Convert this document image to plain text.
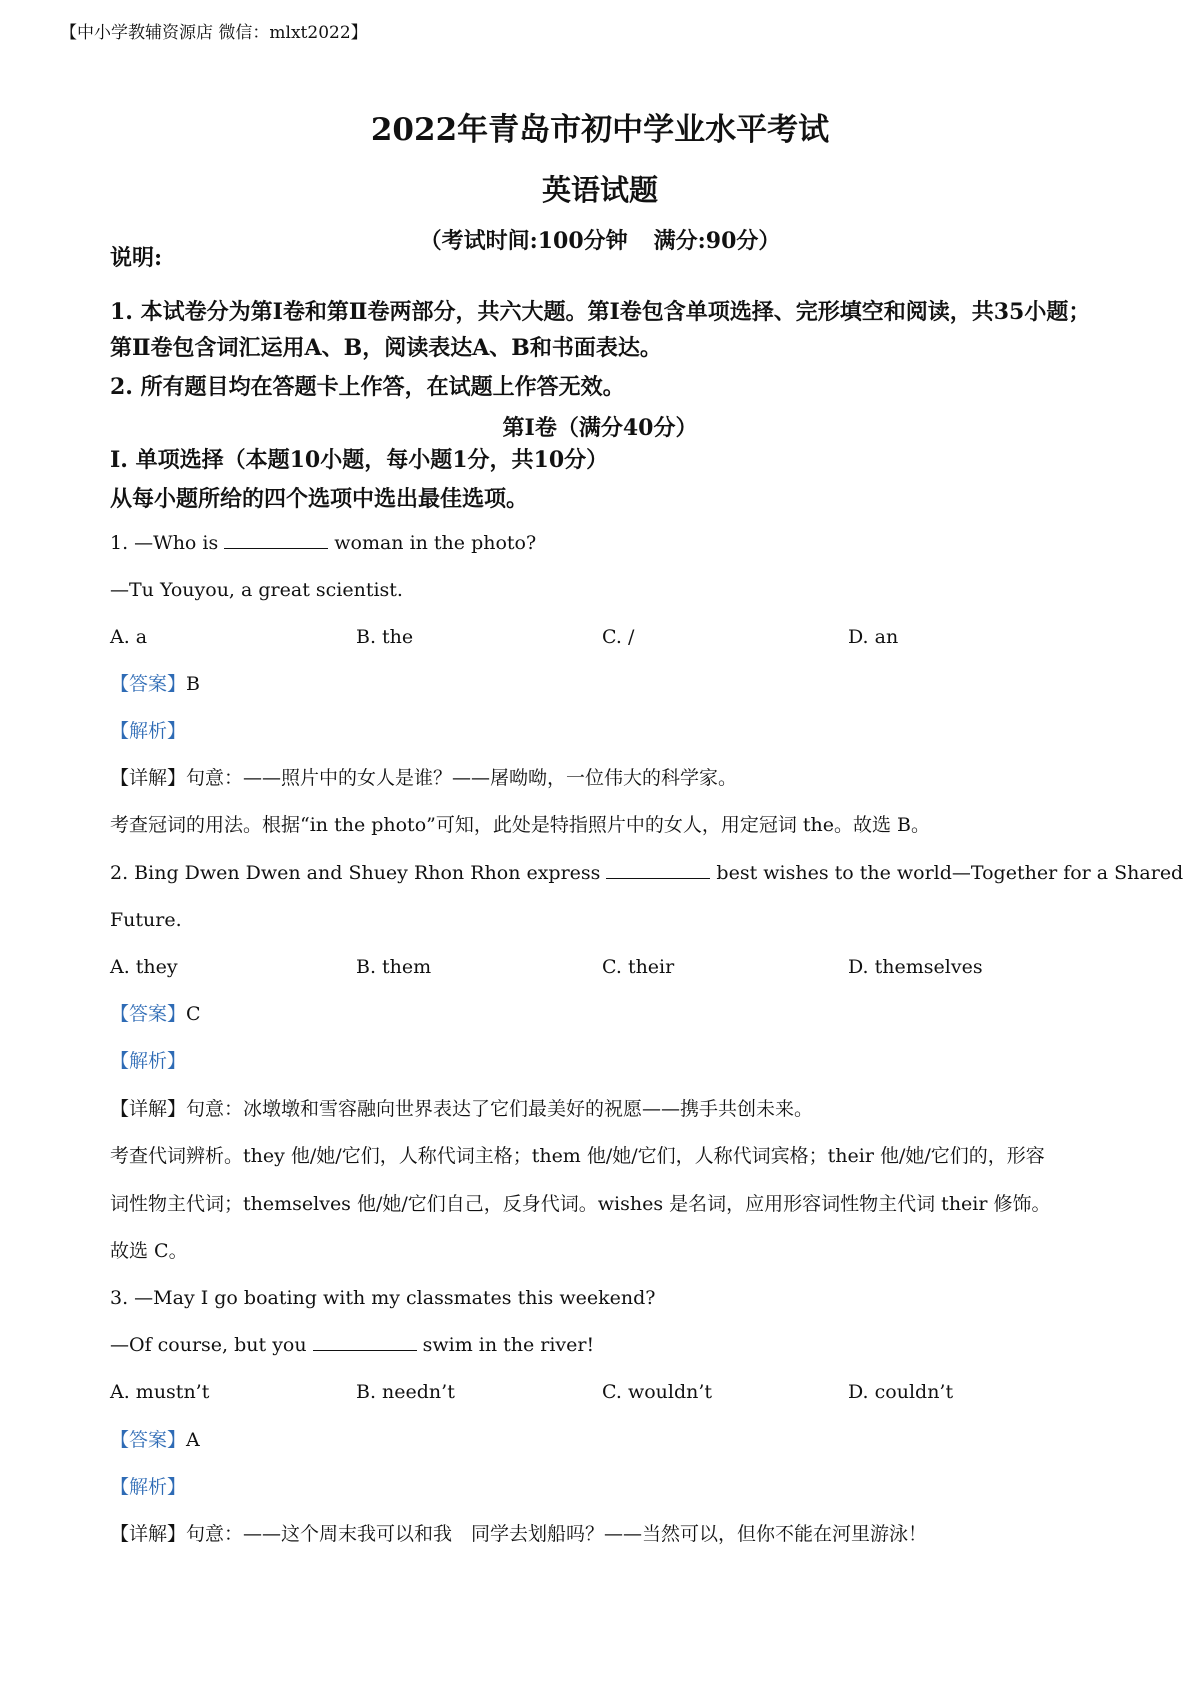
【中小学教辅资源店 微信：mlxt2022】
2022年青岛市初中学业水平考试
英语试题
（考试时间:100分钟 满分:90分）
说明:
1. 本试卷分为第Ⅰ卷和第Ⅱ卷两部分，共六大题。第Ⅰ卷包含单项选择、完形填空和阅读，共35小题；第Ⅱ卷包含词汇运用A、B，阅读表达A、B和书面表达。
2. 所有题目均在答题卡上作答，在试题上作答无效。
第Ⅰ卷（满分40分）
I. 单项选择（本题10小题，每小题1分，共10分）
从每小题所给的四个选项中选出最佳选项。
1. —Who is	woman in the photo?
—Tu Youyou, a great scientist.
A. a	B. the	C. /	D. an
【答案】B
【解析】
【详解】句意：——照片中的女人是谁？——屠呦呦，一位伟大的科学家。
考查冠词的用法。根据“in the photo”可知，此处是特指照片中的女人，用定冠词 the。故选 B。
2. Bing Dwen Dwen and Shuey Rhon Rhon express	best wishes to the world—Together for a Shared
Future.
A. they	B. them	C. their	D. themselves
【答案】C
【解析】
【详解】句意：冰墩墩和雪容融向世界表达了它们最美好的祝愿——携手共创未来。
考查代词辨析。they 他/她/它们，人称代词主格；them 他/她/它们，人称代词宾格；their 他/她/它们的，形容
词性物主代词；themselves 他/她/它们自己，反身代词。wishes 是名词，应用形容词性物主代词 their 修饰。
故选 C。
3. —May I go boating with my classmates this weekend?
—Of course, but you	swim in the river!
A. mustn’t	B. needn’t	C. wouldn’t	D. couldn’t
【答案】A
【解析】
【详解】句意：——这个周末我可以和我　同学去划船吗？——当然可以，但你不能在河里游泳！
